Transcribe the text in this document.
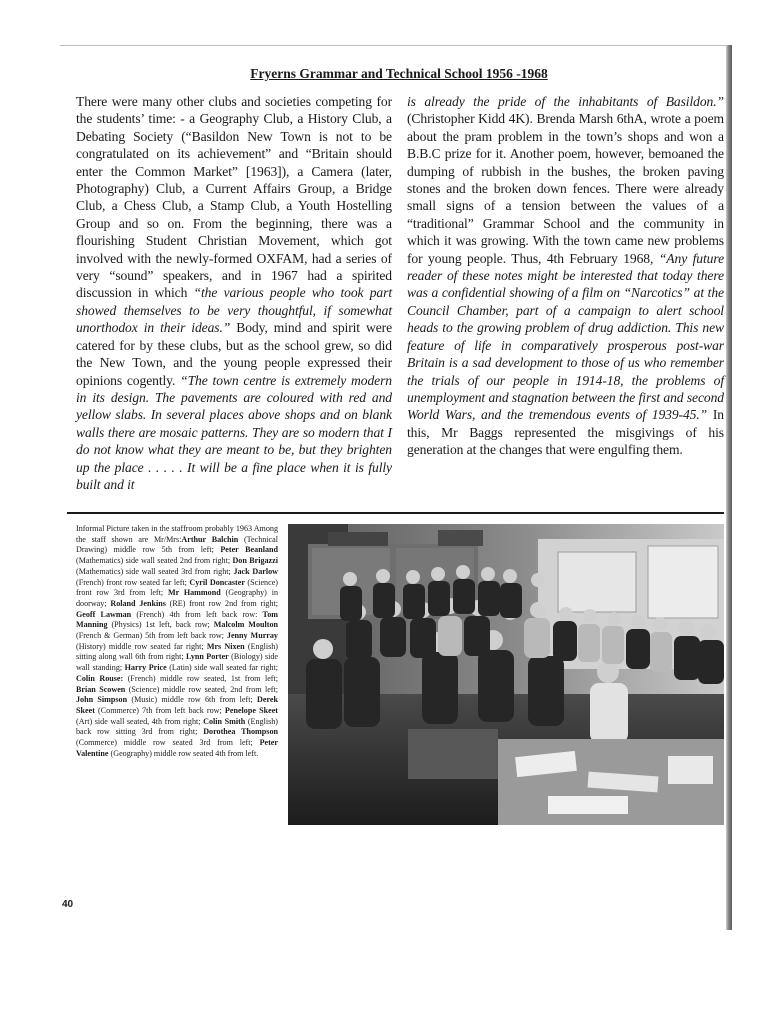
Fryerns Grammar and Technical School 1956 -1968
There were many other clubs and societies competing for the students’ time: - a Geography Club, a History Club, a Debating Society (“Basildon New Town is not to be congratulated on its achievement” and “Britain should enter the Common Market” [1963]), a Camera (later, Photography) Club, a Current Affairs Group, a Bridge Club, a Chess Club, a Stamp Club, a Youth Hostelling Group and so on. From the beginning, there was a flourishing Student Christian Movement, which got involved with the newly-formed OXFAM, had a series of very “sound” speakers, and in 1967 had a spirited discussion in which “the various people who took part showed themselves to be very thoughtful, if somewhat unorthodox in their ideas.” Body, mind and spirit were catered for by these clubs, but as the school grew, so did the New Town, and the young people expressed their opinions cogently. “The town centre is extremely modern in its design. The pavements are coloured with red and yellow slabs. In several places above shops and on blank walls there are mosaic patterns. They are so modern that I do not know what they are meant to be, but they brighten up the place . . . . . It will be a fine place when it is fully built and it
is already the pride of the inhabitants of Basildon.” (Christopher Kidd 4K). Brenda Marsh 6thA, wrote a poem about the pram problem in the town’s shops and won a B.B.C prize for it. Another poem, however, bemoaned the dumping of rubbish in the bushes, the broken paving stones and the broken down fences. There were already small signs of a tension between the values of a “traditional” Grammar School and the community in which it was growing. With the town came new problems for young people. Thus, 4th February 1968, “Any future reader of these notes might be interested that today there was a confidential showing of a film on “Narcotics” at the Council Chamber, part of a campaign to alert school heads to the growing problem of drug addiction. This new feature of life in comparatively prosperous post-war Britain is a sad development to those of us who remember the trials of our people in 1914-18, the problems of unemployment and stagnation between the first and second World Wars, and the tremendous events of 1939-45.” In this, Mr Baggs represented the misgivings of his generation at the changes that were engulfing them.
Informal Picture taken in the staffroom probably 1963 Among the staff shown are Mr/Mrs:Arthur Balchin (Technical Drawing) middle row 5th from left; Peter Beanland (Mathematics) side wall seated 2nd from right; Don Brigazzi (Mathematics) side wall seated 3rd from right; Jack Darlow (French) front row seated far left; Cyril Doncaster (Science) front row 3rd from left; Mr Hammond (Geography) in doorway; Roland Jenkins (RE) front row 2nd from right; Geoff Lawman (French) 4th from left back row: Tom Manning (Physics) 1st left, back row; Malcolm Moulton (French & German) 5th from left back row; Jenny Murray (History) middle row seated far right; Mrs Nixen (English) sitting along wall 6th from right; Lynn Porter (Biology) side wall standing; Harry Price (Latin) side wall seated far right; Colin Rouse: (French) middle row seated, 1st from left; Brian Scowen (Science) middle row seated, 2nd from left; John Simpson (Music) middle row 6th from left; Derek Skeet (Commerce) 7th from left back row; Penelope Skeet (Art) side wall seated, 4th from right; Colin Smith (English) back row sitting 3rd from right; Dorothea Thompson (Commerce) middle row seated 3rd from left; Peter Valentine (Geography) middle row seated 4th from left.
40
